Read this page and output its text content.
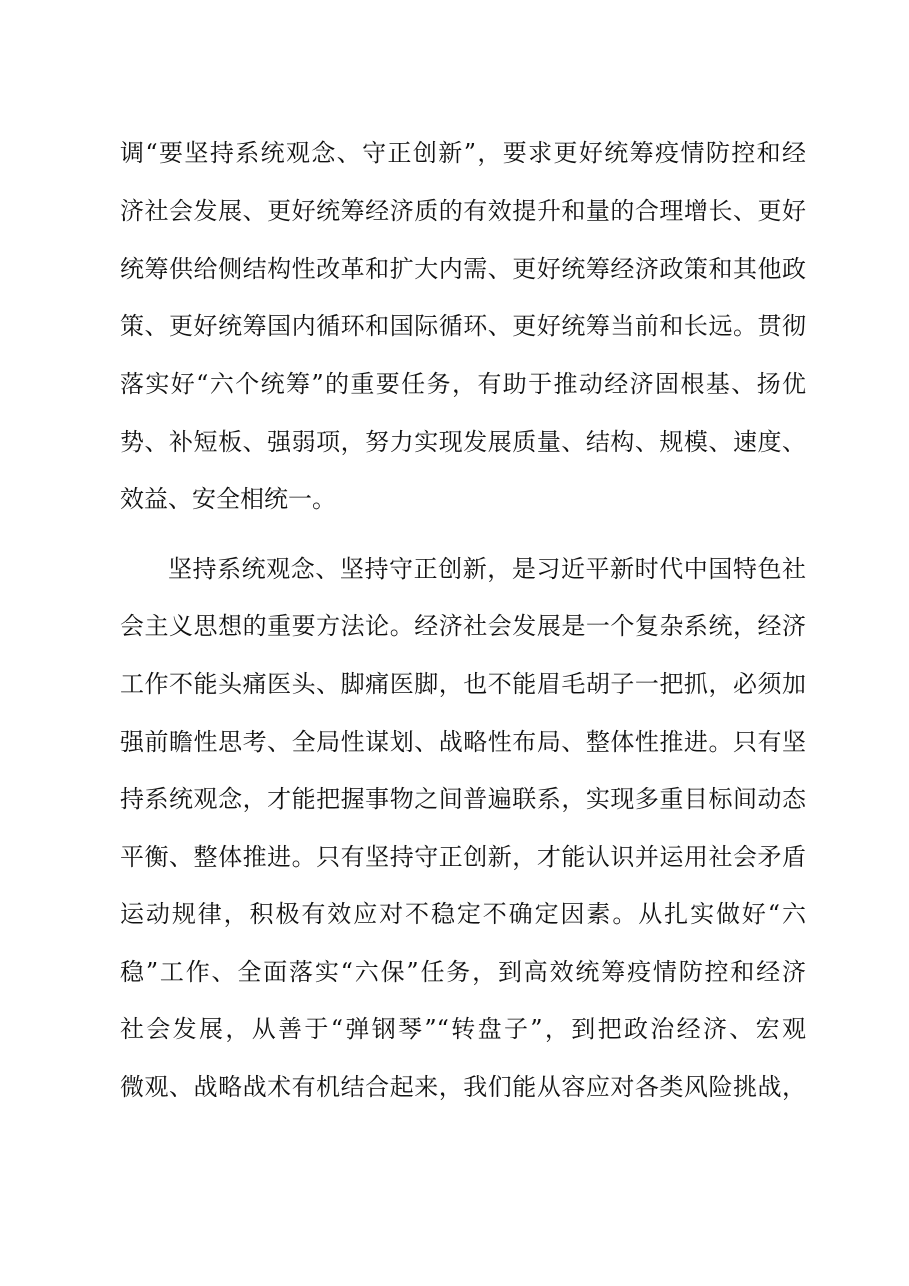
调“要坚持系统观念、守正创新”，要求更好统筹疫情防控和经
济社会发展、更好统筹经济质的有效提升和量的合理增长、更好
统筹供给侧结构性改革和扩大内需、更好统筹经济政策和其他政
策、更好统筹国内循环和国际循环、更好统筹当前和长远。贯彻
落实好“六个统筹”的重要任务，有助于推动经济固根基、扬优
势、补短板、强弱项，努力实现发展质量、结构、规模、速度、
效益、安全相统一。
坚持系统观念、坚持守正创新，是习近平新时代中国特色社
会主义思想的重要方法论。经济社会发展是一个复杂系统，经济
工作不能头痛医头、脚痛医脚，也不能眉毛胡子一把抓，必须加
强前瞻性思考、全局性谋划、战略性布局、整体性推进。只有坚
持系统观念，才能把握事物之间普遍联系，实现多重目标间动态
平衡、整体推进。只有坚持守正创新，才能认识并运用社会矛盾
运动规律，积极有效应对不稳定不确定因素。从扎实做好“六
稳”工作、全面落实“六保”任务，到高效统筹疫情防控和经济
社会发展，从善于“弹钢琴”“转盘子”，到把政治经济、宏观
微观、战略战术有机结合起来，我们能从容应对各类风险挑战，
